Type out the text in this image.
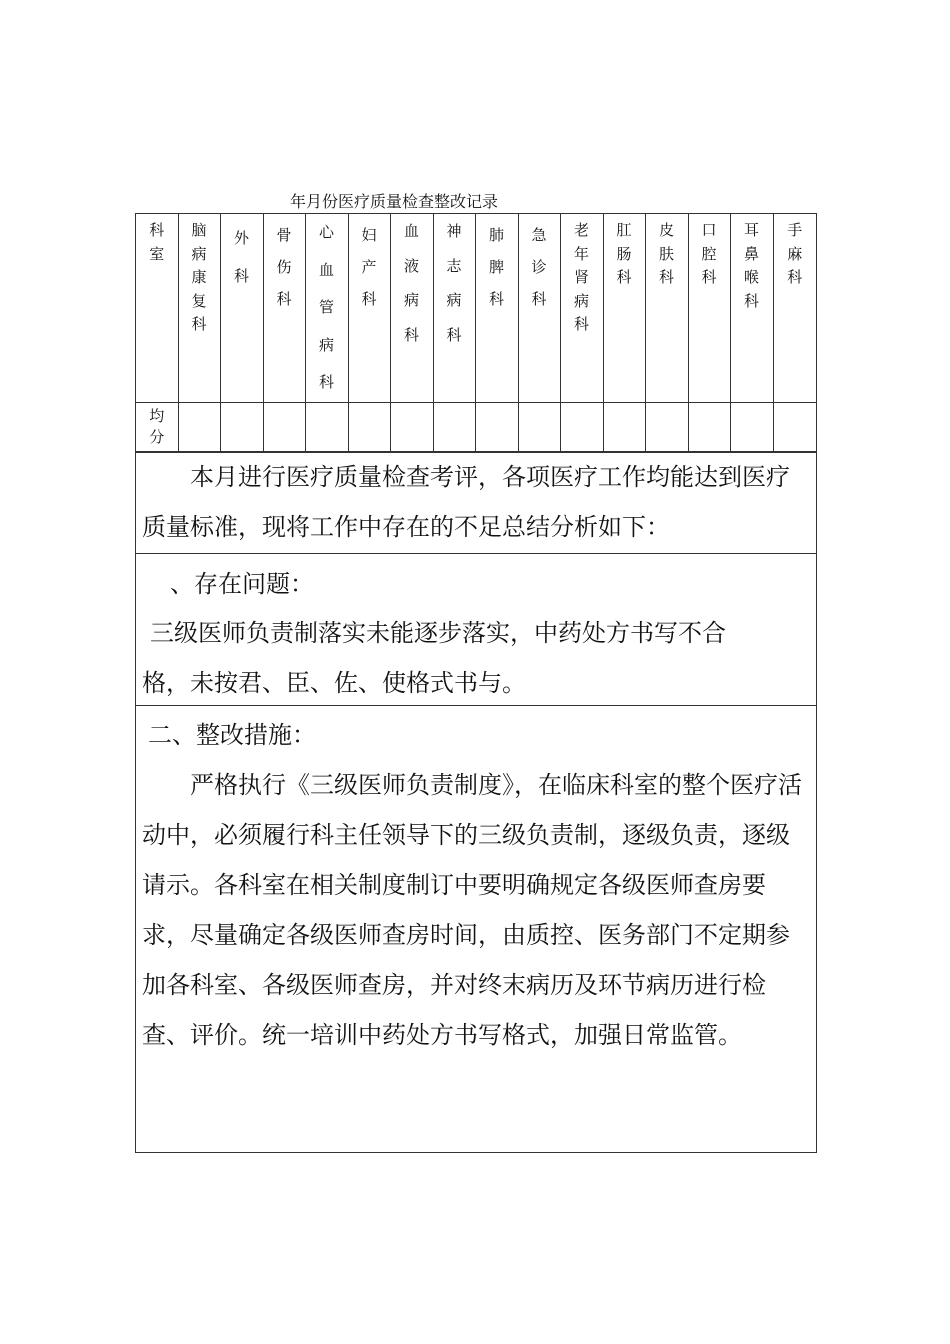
年月份医疗质量检查整改记录
科室	脑病康复科	外科	骨伤科	心血管病科	妇产科	血液病科	神志病科	肺脾科	急诊科	老年肾病科	肛肠科	皮肤科	口腔科	耳鼻喉科	手麻科
均分															
本月进行医疗质量检查考评，各项医疗工作均能达到医疗质量标准，现将工作中存在的不足总结分析如下：
、存在问题：
三级医师负责制落实未能逐步落实，中药处方书写不合
格，未按君、臣、佐、使格式书与。
二、整改措施：
严格执行《三级医师负责制度》，在临床科室的整个医疗活动中，必须履行科主任领导下的三级负责制，逐级负责，逐级请示。各科室在相关制度制订中要明确规定各级医师查房要求，尽量确定各级医师查房时间，由质控、医务部门不定期参加各科室、各级医师查房，并对终末病历及环节病历进行检查、评价。统一培训中药处方书写格式，加强日常监管。
